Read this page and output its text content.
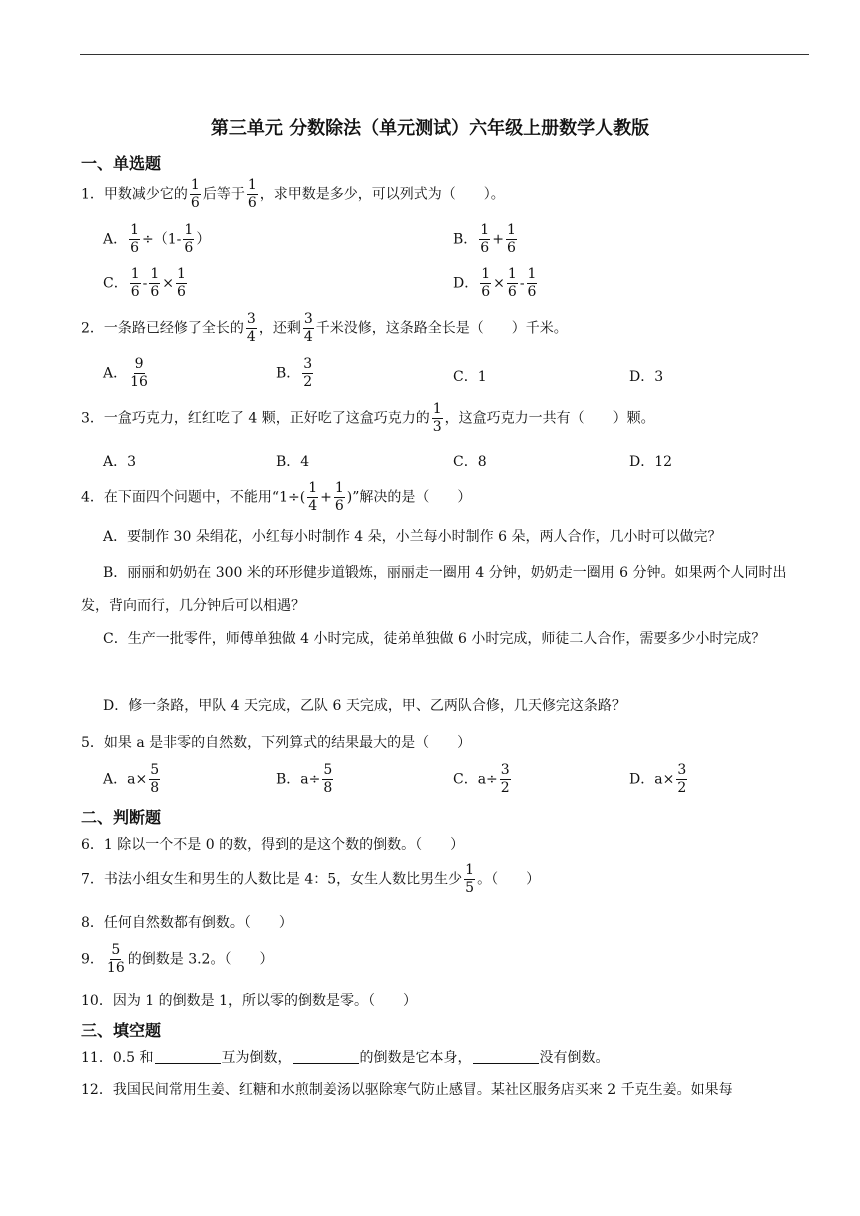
第三单元 分数除法（单元测试）六年级上册数学人教版
一、单选题
1．甲数减少它的 $\frac{1}{6}$ 后等于 $\frac{1}{6}$ ，求甲数是多少，可以列式为（　　）。
A． $\frac{1}{6} \div(1- \frac{1}{6}$ ）	B． $\frac{1}{6} + \frac{1}{6}$
C． $\frac{1}{6} - \frac{1}{6} \times \frac{1}{6}$	D． $\frac{1}{6} \times \frac{1}{6} - \frac{1}{6}$
2．一条路已经修了全长的 $\frac{3}{4}$ ，还剩 $\frac{3}{4}$ 千米没修，这条路全长是（　　）千米。
A． $\frac{9}{16}$	B． $\frac{3}{2}$	C．1	D．3
3．一盒巧克力，红红吃了 4 颗，正好吃了这盒巧克力的 $\frac{1}{3}$ ，这盒巧克力一共有（　　）颗。
A．3	B．4	C．8	D．12
4．在下面四个问题中，不能用“$1\div( \frac{1}{4} + \frac{1}{6}$ )”解决的是（　　）
A．要制作 30 朵绢花，小红每小时制作 4 朵，小兰每小时制作 6 朵，两人合作，几小时可以做完？
B．丽丽和奶奶在 300 米的环形健步道锻炼，丽丽走一圈用 4 分钟，奶奶走一圈用 6 分钟。如果两个人同时出发，背向而行，几分钟后可以相遇？
C．生产一批零件，师傅单独做 4 小时完成，徒弟单独做 6 小时完成，师徒二人合作，需要多少小时完成？
D．修一条路，甲队 4 天完成，乙队 6 天完成，甲、乙两队合修，几天修完这条路？
5．如果 a 是非零的自然数，下列算式的结果最大的是（　　）
A．$a\times \frac{5}{8}$	B．$a\div \frac{5}{8}$	C．$a\div \frac{3}{2}$	D．$a\times \frac{3}{2}$
二、判断题
6．1 除以一个不是 0 的数，得到的是这个数的倒数。（　　）
7．书法小组女生和男生的人数比是 4：5，女生人数比男生少 $\frac{1}{5}$ 。（　　）
8．任何自然数都有倒数。（　　）
9． $\frac{5}{16}$ 的倒数是 3.2。（　　）
10．因为 1 的倒数是 1，所以零的倒数是零。（　　）
三、填空题
11．0.5 和	互为倒数，	的倒数是它本身，	没有倒数。
12．我国民间常用生姜、红糖和水煎制姜汤以驱除寒气防止感冒。某社区服务店买来 2 千克生姜。如果每
